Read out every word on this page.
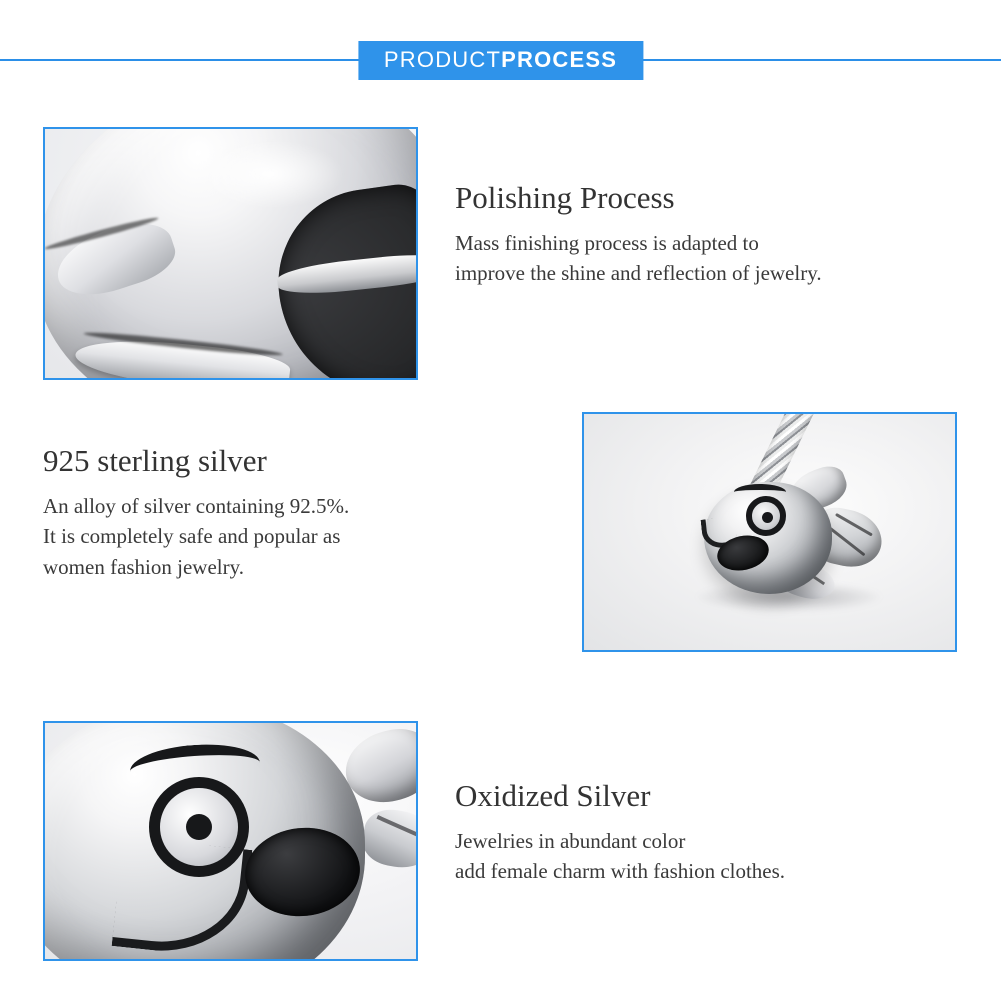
PRODUCTPROCESS
Polishing Process

Mass finishing process is adapted to

improve the shine and reflection of jewelry.

925 sterling silver

An alloy of silver containing 92.5%.

It is completely safe and popular as

women fashion jewelry.

Oxidized Silver

Jewelries in abundant color

add female charm with fashion clothes.
